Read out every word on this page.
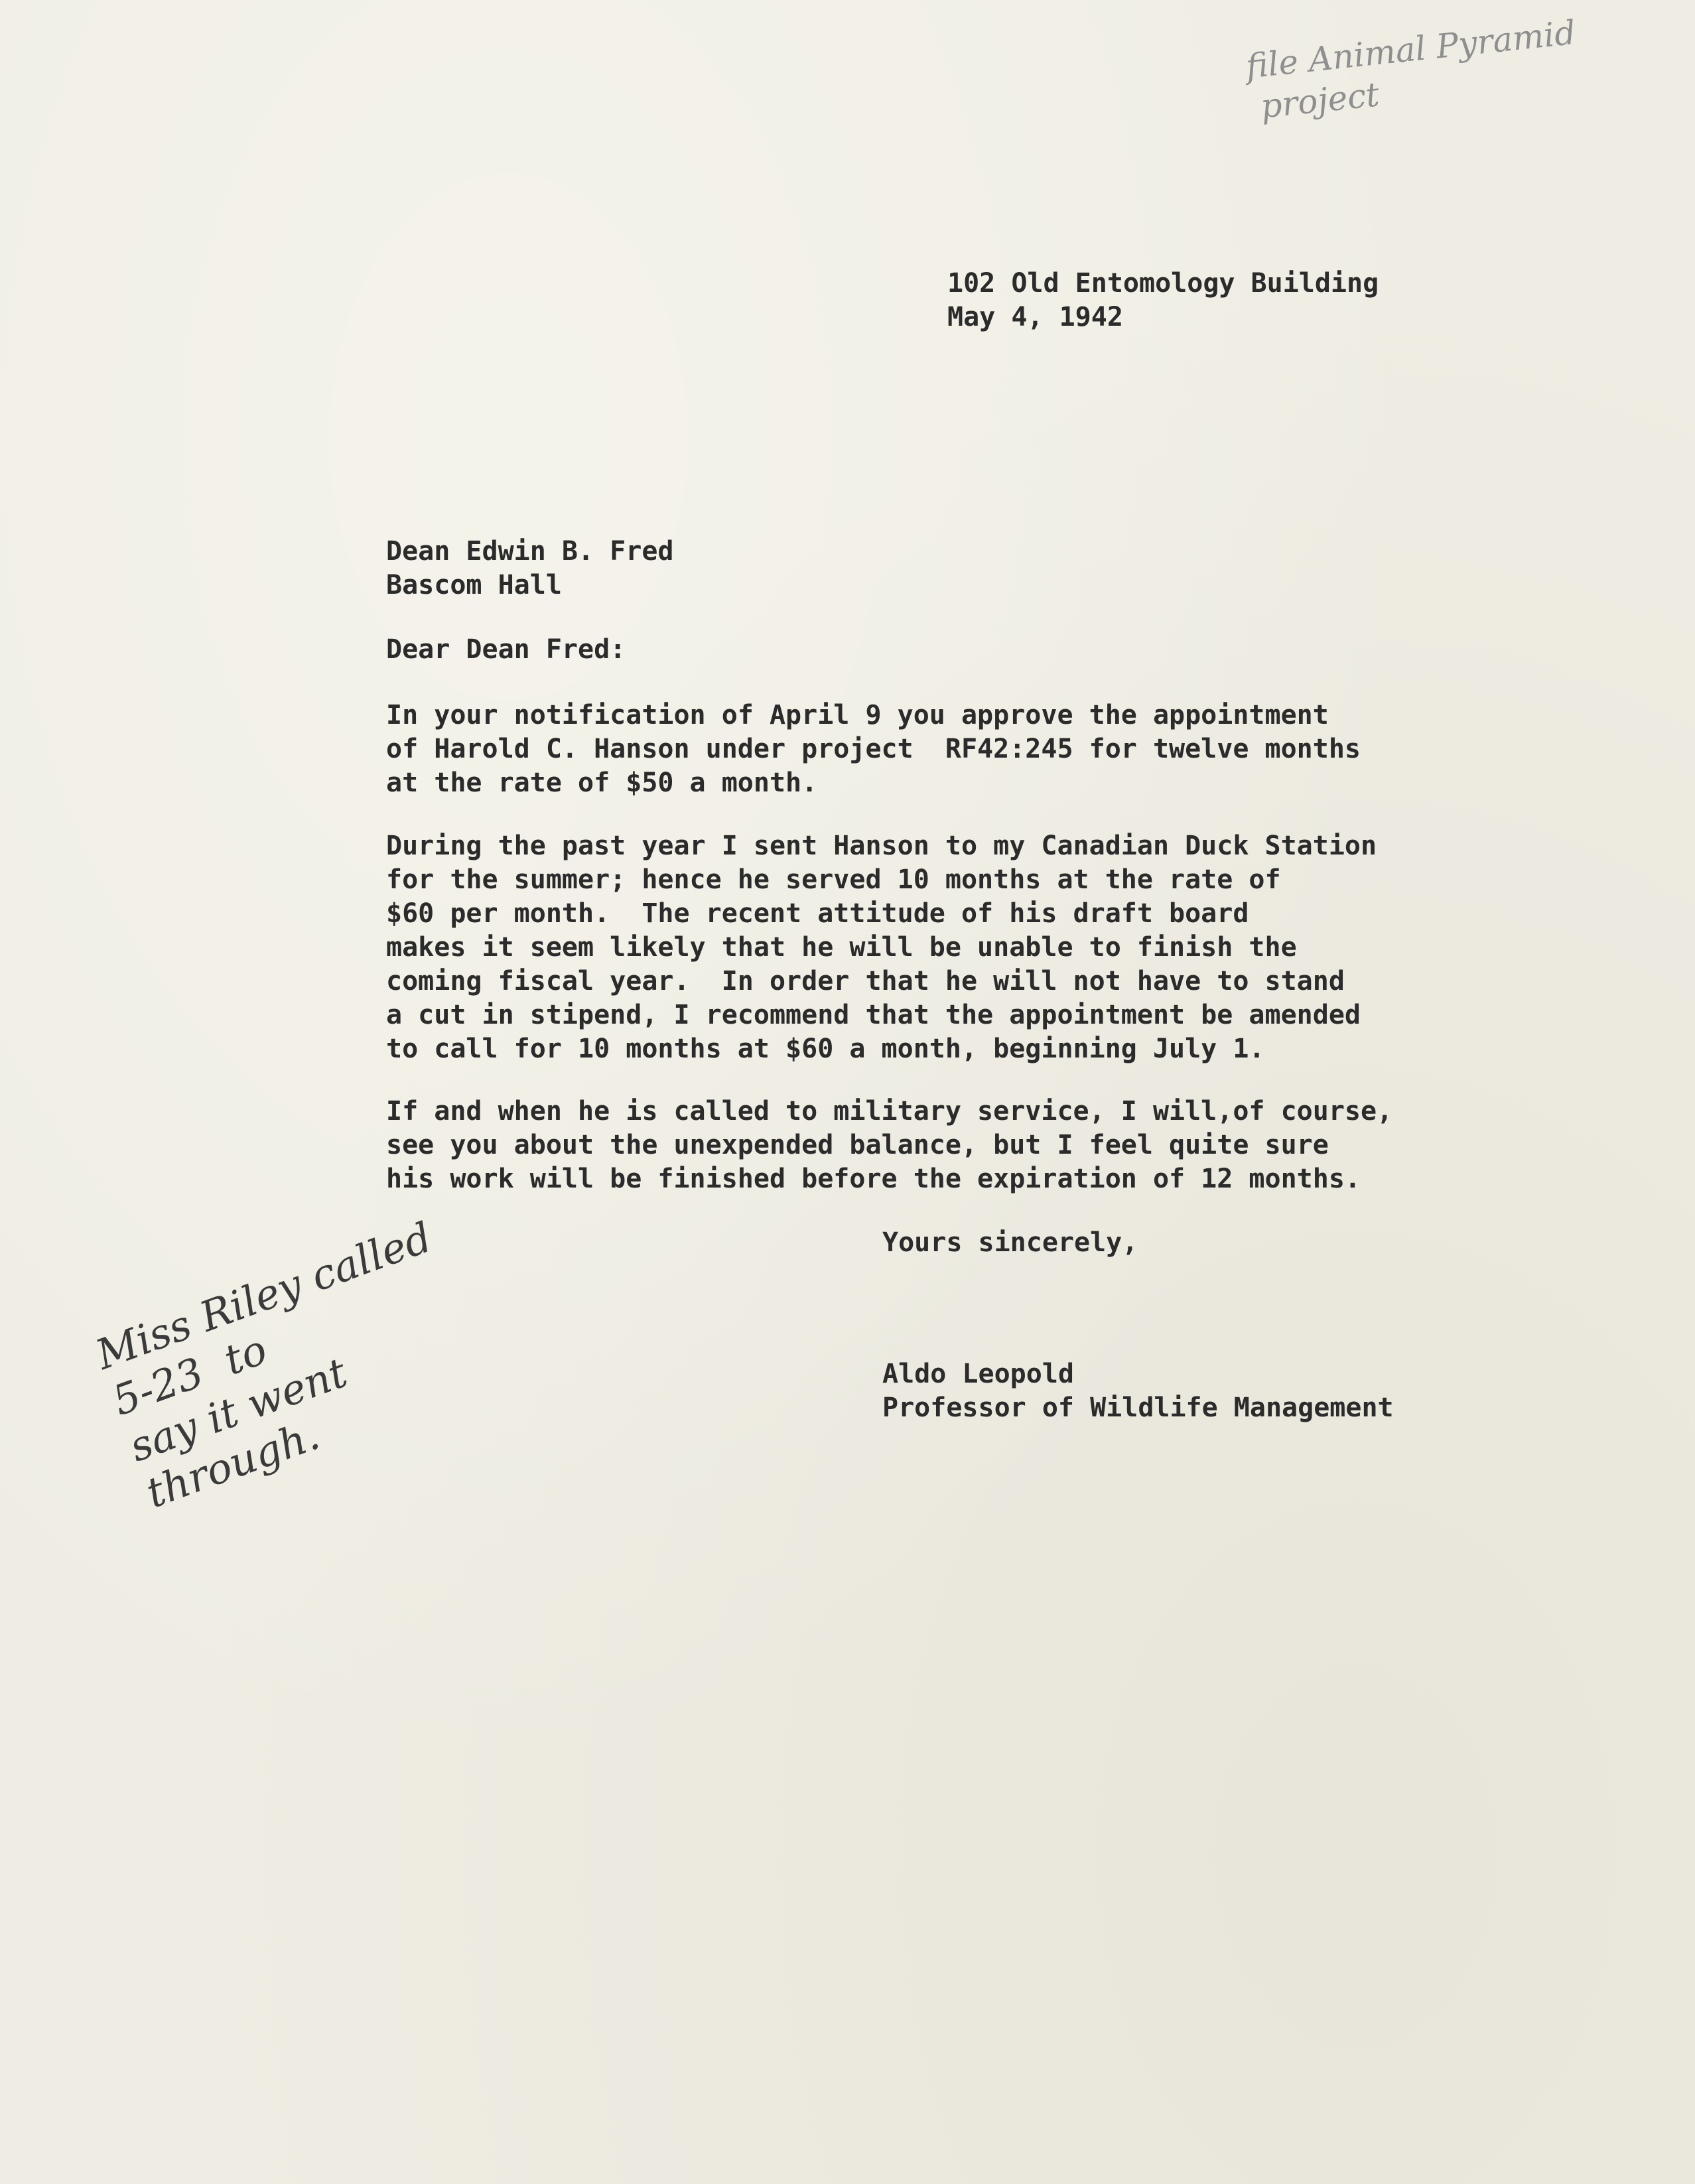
file Animal Pyramid
project

102 Old Entomology Building
May 4, 1942

Dean Edwin B. Fred
Bascom Hall

Dear Dean Fred:

In your notification of April 9 you approve the appointment
of Harold C. Hanson under project  RF42:245 for twelve months
at the rate of $50 a month.

During the past year I sent Hanson to my Canadian Duck Station
for the summer; hence he served 10 months at the rate of
$60 per month.  The recent attitude of his draft board
makes it seem likely that he will be unable to finish the
coming fiscal year.  In order that he will not have to stand
a cut in stipend, I recommend that the appointment be amended
to call for 10 months at $60 a month, beginning July 1.

If and when he is called to military service, I will,of course,
see you about the unexpended balance, but I feel quite sure
his work will be finished before the expiration of 12 months.

Yours sincerely,

Aldo Leopold
Professor of Wildlife Management

Miss Riley called
5-23  to
say it went
through.
